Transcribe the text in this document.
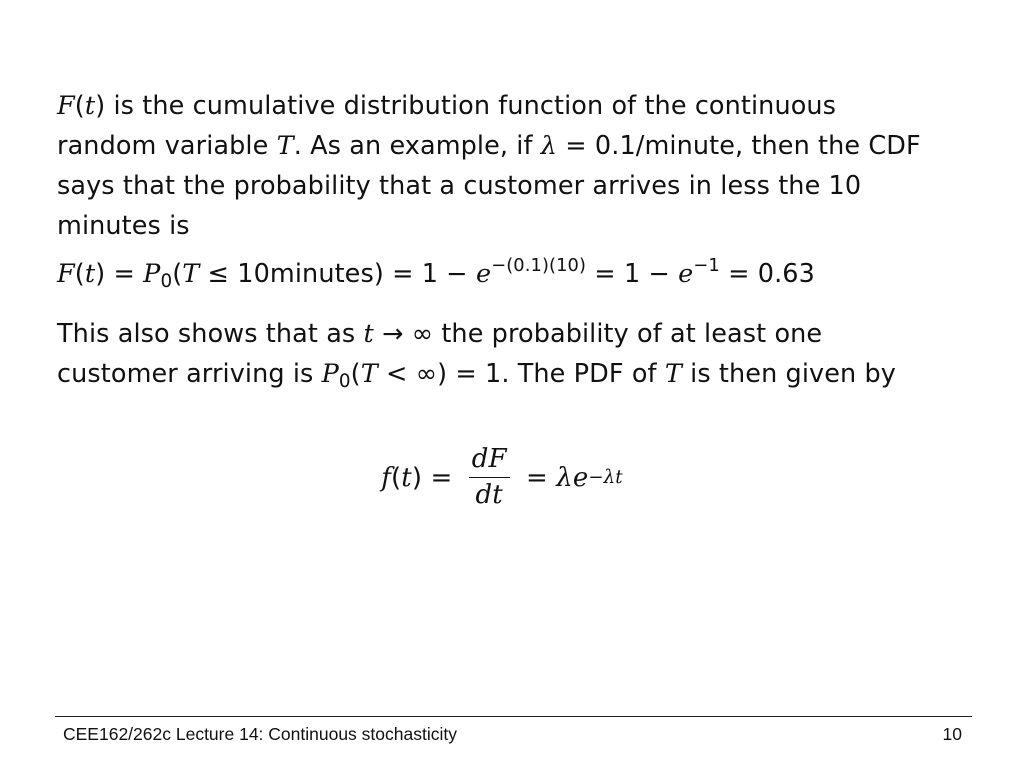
F(t) is the cumulative distribution function of the continuous random variable T. As an example, if λ = 0.1/minute, then the CDF says that the probability that a customer arrives in less the 10 minutes is

$F(t) = P_0(T$ ≤ 10minutes) = $1 - e^{-(0.1)(10)} = 1 - e^{-1} = 0.63$

This also shows that as t → ∞ the probability of at least one customer arriving is $P_0(T$ < ∞) = 1. The PDF of T is then given by

f ( t ) = $\frac{dF}{dt} = \lambda$ e −λt
CEE162/262c Lecture 14: Continuous stochasticity	10
